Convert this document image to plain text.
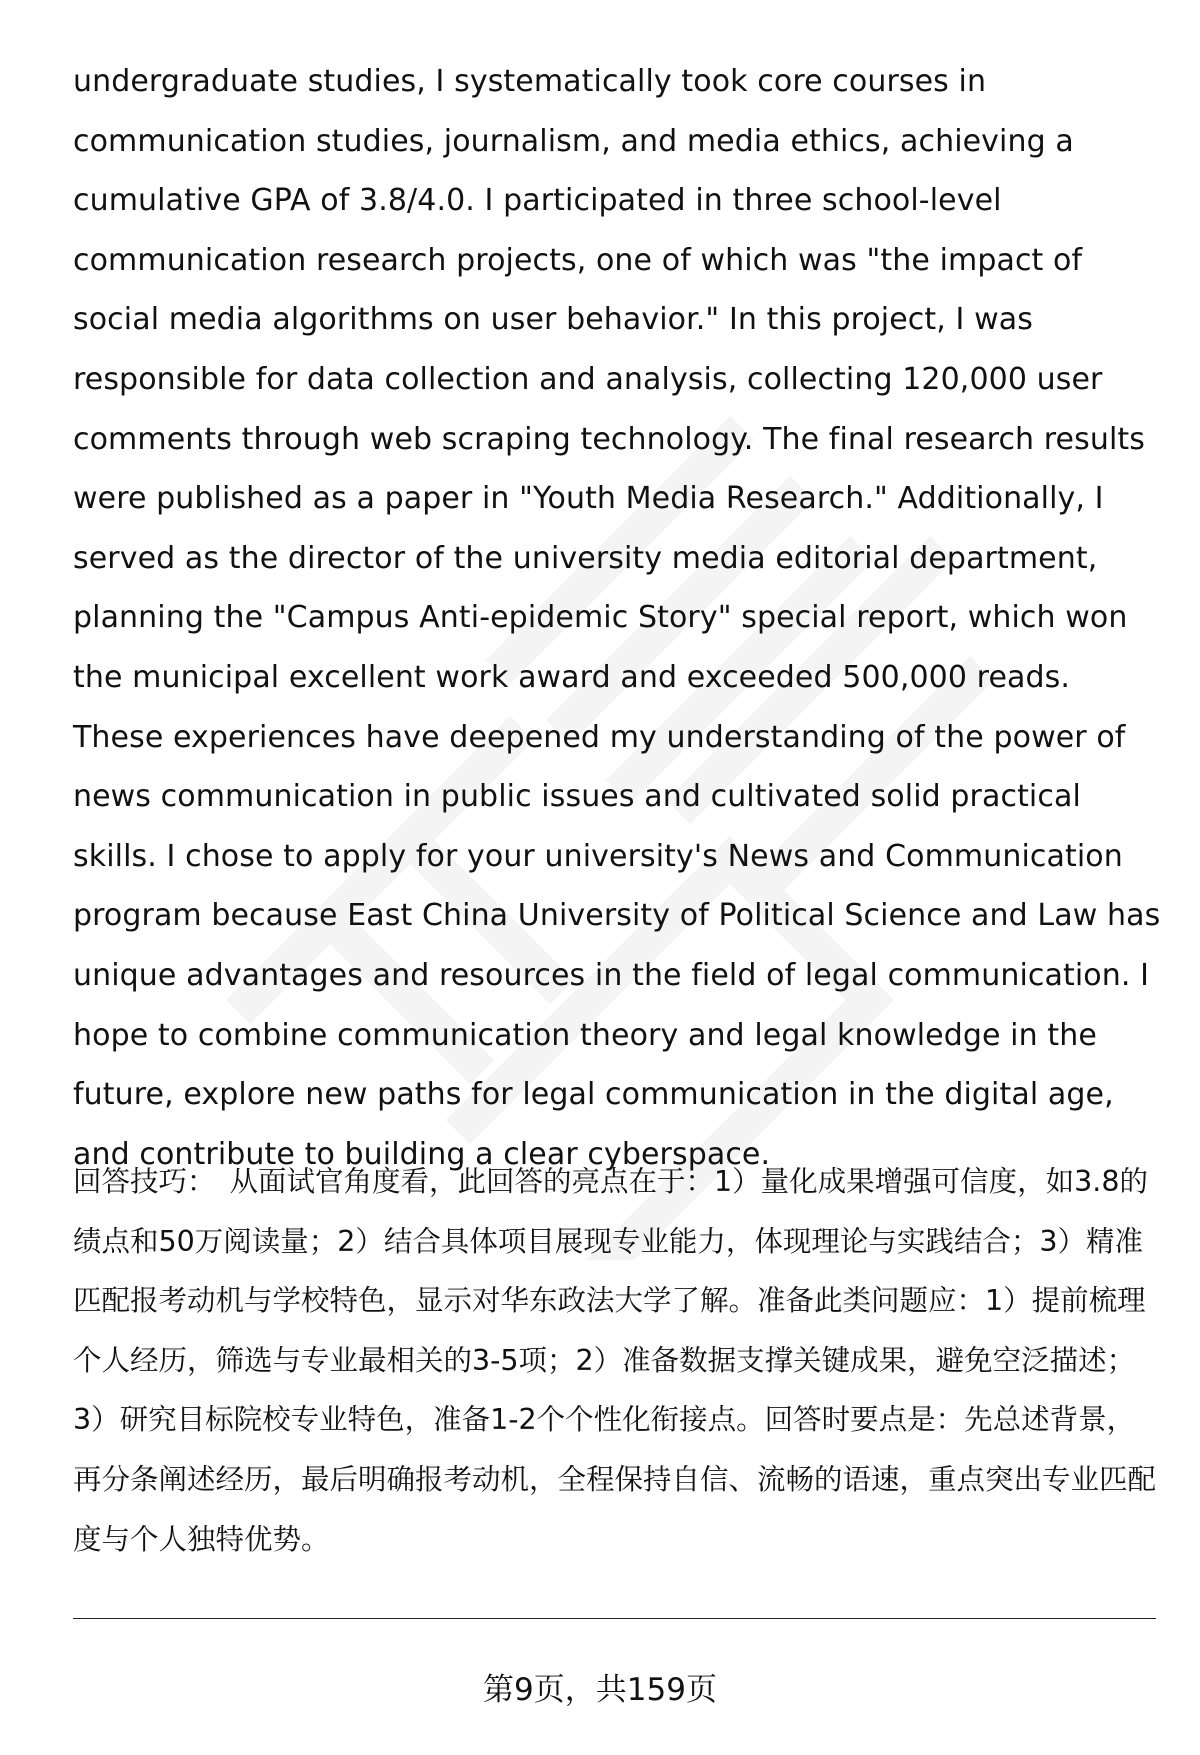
undergraduate studies, I systematically took core courses in communication studies, journalism, and media ethics, achieving a cumulative GPA of 3.8/4.0. I participated in three school-level communication research projects, one of which was "the impact of social media algorithms on user behavior." In this project, I was responsible for data collection and analysis, collecting 120,000 user comments through web scraping technology. The final research results were published as a paper in "Youth Media Research." Additionally, I served as the director of the university media editorial department, planning the "Campus Anti-epidemic Story" special report, which won the municipal excellent work award and exceeded 500,000 reads. These experiences have deepened my understanding of the power of news communication in public issues and cultivated solid practical skills. I chose to apply for your university's News and Communication program because East China University of Political Science and Law has unique advantages and resources in the field of legal communication. I hope to combine communication theory and legal knowledge in the future, explore new paths for legal communication in the digital age, and contribute to building a clear cyberspace.

回答技巧： 从面试官角度看，此回答的亮点在于：1）量化成果增强可信度，如3.8的绩点和50万阅读量；2）结合具体项目展现专业能力，体现理论与实践结合；3）精准匹配报考动机与学校特色，显示对华东政法大学了解。准备此类问题应：1）提前梳理个人经历，筛选与专业最相关的3-5项；2）准备数据支撑关键成果，避免空泛描述；3）研究目标院校专业特色，准备1-2个个性化衔接点。回答时要点是：先总述背景，再分条阐述经历，最后明确报考动机，全程保持自信、流畅的语速，重点突出专业匹配度与个人独特优势。

第9页，共159页
